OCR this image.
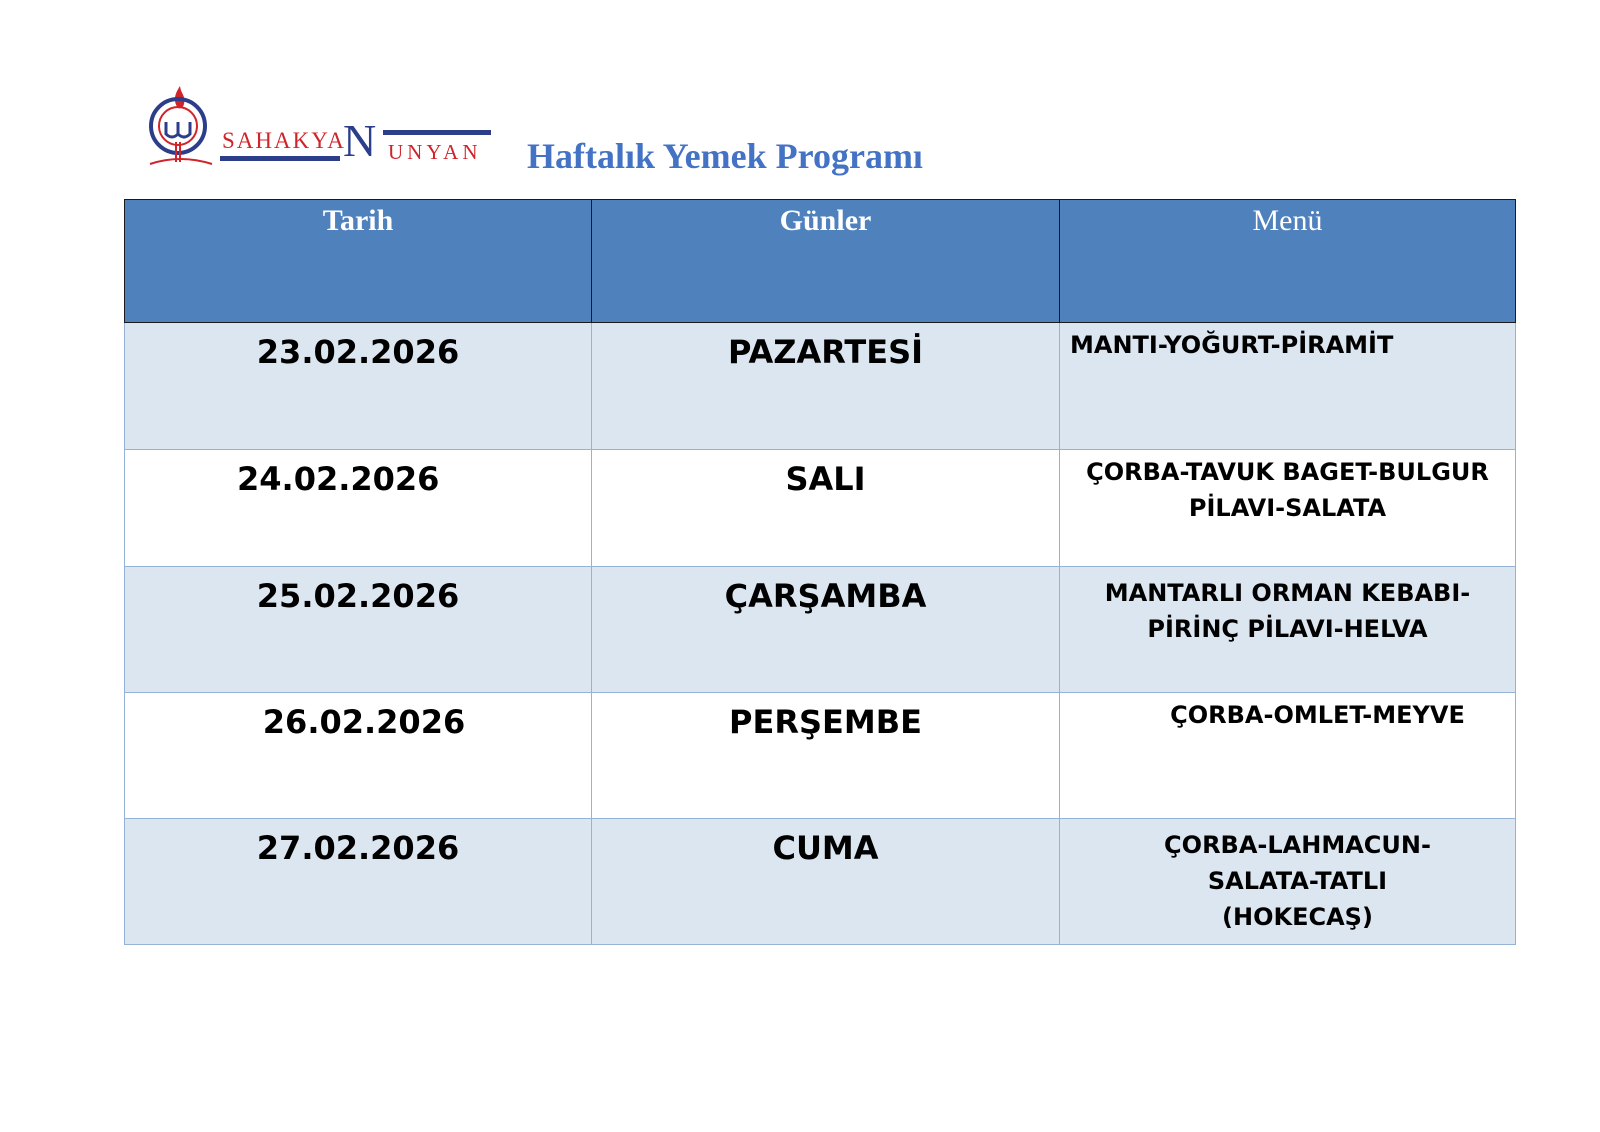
SAHAKYA
N UNYAN Haftalık Yemek Programı
Tarih	Günler	Menü
23.02.2026	PAZARTESİ	MANTI-YOĞURT-PİRAMİT
24.02.2026	SALI	ÇORBA-TAVUK BAGET-BULGUR PİLAVI-SALATA
25.02.2026	ÇARŞAMBA	MANTARLI ORMAN KEBABI-PİRİNÇ PİLAVI-HELVA
26.02.2026	PERŞEMBE	ÇORBA-OMLET-MEYVE
27.02.2026	CUMA	ÇORBA-LAHMACUN-SALATA-TATLI (HOKECAŞ)
